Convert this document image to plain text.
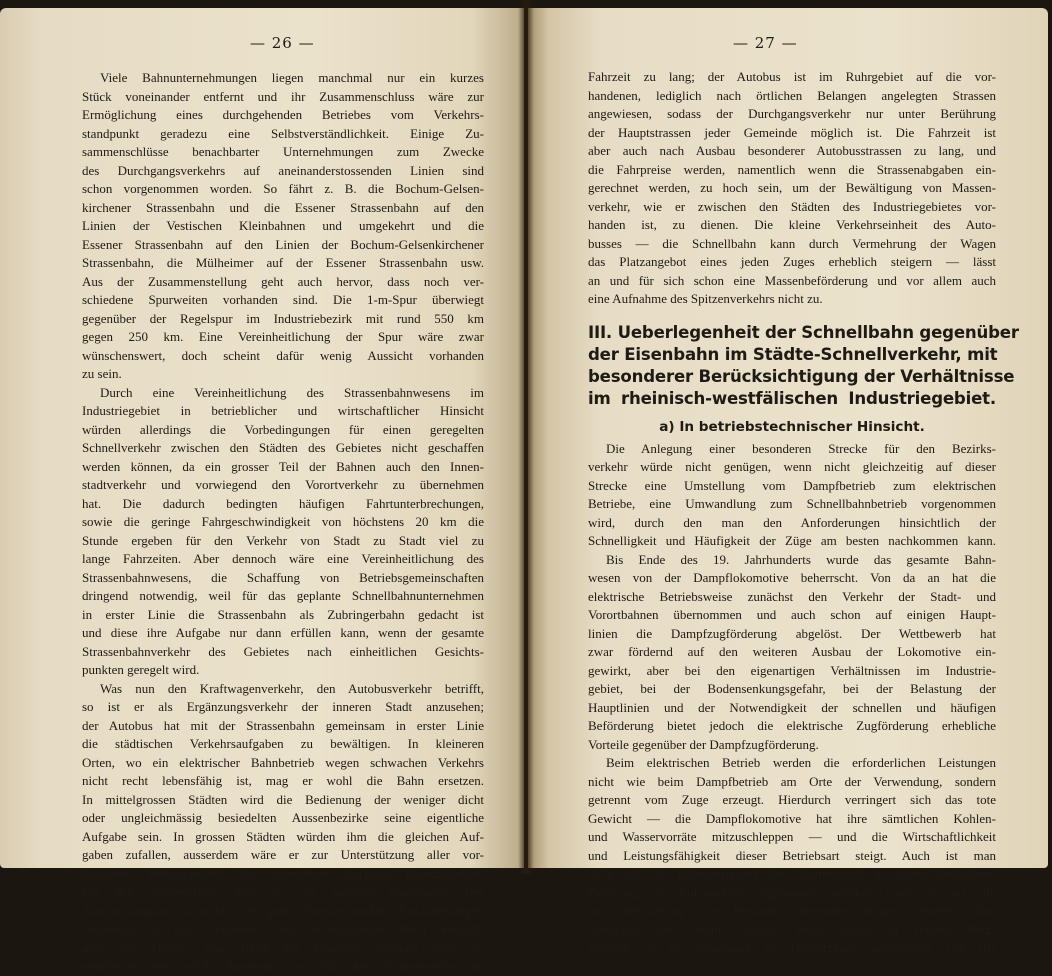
— 26 —
Viele Bahnunternehmungen liegen manchmal nur ein kurzes
Stück voneinander entfernt und ihr Zusammenschluss wäre zur
Ermöglichung eines durchgehenden Betriebes vom Verkehrs-
standpunkt geradezu eine Selbstverständlichkeit. Einige Zu-
sammenschlüsse benachbarter Unternehmungen zum Zwecke
des Durchgangsverkehrs auf aneinanderstossenden Linien sind
schon vorgenommen worden. So fährt z. B. die Bochum-Gelsen-
kirchener Strassenbahn und die Essener Strassenbahn auf den
Linien der Vestischen Kleinbahnen und umgekehrt und die
Essener Strassenbahn auf den Linien der Bochum-Gelsenkirchener
Strassenbahn, die Mülheimer auf der Essener Strassenbahn usw.
Aus der Zusammenstellung geht auch hervor, dass noch ver-
schiedene Spurweiten vorhanden sind. Die 1-m-Spur überwiegt
gegenüber der Regelspur im Industriebezirk mit rund 550 km
gegen 250 km. Eine Vereinheitlichung der Spur wäre zwar
wünschenswert, doch scheint dafür wenig Aussicht vorhanden
zu sein.
Durch eine Vereinheitlichung des Strassenbahnwesens im
Industriegebiet in betrieblicher und wirtschaftlicher Hinsicht
würden allerdings die Vorbedingungen für einen geregelten
Schnellverkehr zwischen den Städten des Gebietes nicht geschaffen
werden können, da ein grosser Teil der Bahnen auch den Innen-
stadtverkehr und vorwiegend den Vorortverkehr zu übernehmen
hat. Die dadurch bedingten häufigen Fahrtunterbrechungen,
sowie die geringe Fahrgeschwindigkeit von höchstens 20 km die
Stunde ergeben für den Verkehr von Stadt zu Stadt viel zu
lange Fahrzeiten. Aber dennoch wäre eine Vereinheitlichung des
Strassenbahnwesens, die Schaffung von Betriebsgemeinschaften
dringend notwendig, weil für das geplante Schnellbahnunternehmen
in erster Linie die Strassenbahn als Zubringerbahn gedacht ist
und diese ihre Aufgabe nur dann erfüllen kann, wenn der gesamte
Strassenbahnverkehr des Gebietes nach einheitlichen Gesichts-
punkten geregelt wird.
Was nun den Kraftwagenverkehr, den Autobusverkehr betrifft,
so ist er als Ergänzungsverkehr der inneren Stadt anzusehen;
der Autobus hat mit der Strassenbahn gemeinsam in erster Linie
die städtischen Verkehrsaufgaben zu bewältigen. In kleineren
Orten, wo ein elektrischer Bahnbetrieb wegen schwachen Verkehrs
nicht recht lebensfähig ist, mag er wohl die Bahn ersetzen.
In mittelgrossen Städten wird die Bedienung der weniger dicht
oder ungleichmässig besiedelten Aussenbezirke seine eigentliche
Aufgabe sein. In grossen Städten würden ihm die gleichen Auf-
gaben zufallen, ausserdem wäre er zur Unterstützung aller vor-
handenen Verkehrsmittel bei besonderen Anlässen heranzuziehen.
Für den Städteverkehr aber ist der Autobus ungeeignet. Der
Autobusfahrgast ist selbst bei guter Strasse starken Erschütterungen
ausgesetzt, so dass, abgesehen von Belästigungen durch Auspuff-
gase des Motors, eine Reise auf längeren Strecken nicht zu
empfehlen sein wird. Ausserdem ist für den Städteverkehr die
— 27 —
Fahrzeit zu lang; der Autobus ist im Ruhrgebiet auf die vor-
handenen, lediglich nach örtlichen Belangen angelegten Strassen
angewiesen, sodass der Durchgangsverkehr nur unter Berührung
der Hauptstrassen jeder Gemeinde möglich ist. Die Fahrzeit ist
aber auch nach Ausbau besonderer Autobusstrassen zu lang, und
die Fahrpreise werden, namentlich wenn die Strassenabgaben ein-
gerechnet werden, zu hoch sein, um der Bewältigung von Massen-
verkehr, wie er zwischen den Städten des Industriegebietes vor-
handen ist, zu dienen. Die kleine Verkehrseinheit des Auto-
busses — die Schnellbahn kann durch Vermehrung der Wagen
das Platzangebot eines jeden Zuges erheblich steigern — lässt
an und für sich schon eine Massenbeförderung und vor allem auch
eine Aufnahme des Spitzenverkehrs nicht zu.
III. Ueberlegenheit der Schnellbahn gegenüber
der Eisenbahn im Städte-Schnellverkehr, mit
besonderer Berücksichtigung der Verhältnisse
im rheinisch-westfälischen Industriegebiet.
a) In betriebstechnischer Hinsicht.
Die Anlegung einer besonderen Strecke für den Bezirks-
verkehr würde nicht genügen, wenn nicht gleichzeitig auf dieser
Strecke eine Umstellung vom Dampfbetrieb zum elektrischen
Betriebe, eine Umwandlung zum Schnellbahnbetrieb vorgenommen
wird, durch den man den Anforderungen hinsichtlich der
Schnelligkeit und Häufigkeit der Züge am besten nachkommen kann.
Bis Ende des 19. Jahrhunderts wurde das gesamte Bahn-
wesen von der Dampflokomotive beherrscht. Von da an hat die
elektrische Betriebsweise zunächst den Verkehr der Stadt- und
Vorortbahnen übernommen und auch schon auf einigen Haupt-
linien die Dampfzugförderung abgelöst. Der Wettbewerb hat
zwar fördernd auf den weiteren Ausbau der Lokomotive ein-
gewirkt, aber bei den eigenartigen Verhältnissen im Industrie-
gebiet, bei der Bodensenkungsgefahr, bei der Belastung der
Hauptlinien und der Notwendigkeit der schnellen und häufigen
Beförderung bietet jedoch die elektrische Zugförderung erhebliche
Vorteile gegenüber der Dampfzugförderung.
Beim elektrischen Betrieb werden die erforderlichen Leistungen
nicht wie beim Dampfbetrieb am Orte der Verwendung, sondern
getrennt vom Zuge erzeugt. Hierdurch verringert sich das tote
Gewicht — die Dampflokomotive hat ihre sämtlichen Kohlen-
und Wasservorräte mitzuschleppen — und die Wirtschaftlichkeit
und Leistungsfähigkeit dieser Betriebsart steigt. Auch ist man
nicht auf die Konzentrierung der Antriebskraft in einem besonderen
Fahrzeug, der Lokomotive, angewiesen, sondern kann sie auf alle
zur Beförderung von Personen dienenden Wagen verteilen. Das
Verhältnis von totem Gewicht eines Zuges zu seinem Nutz-
gewicht ist im Gegensatz zu Dampfzügen unabhängig von der
